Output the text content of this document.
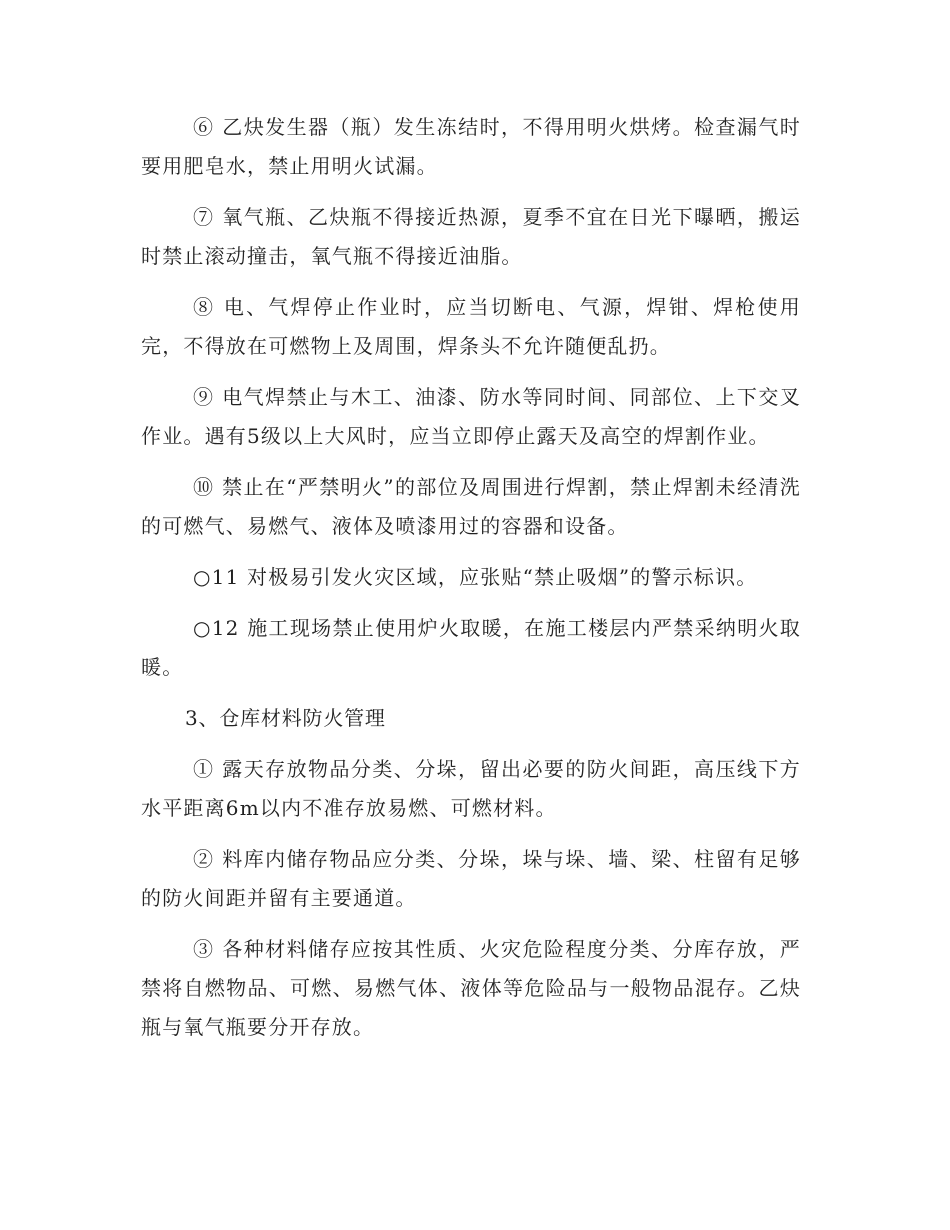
⑥ 乙炔发生器（瓶）发生冻结时，不得用明火烘烤。检查漏气时要用肥皂水，禁止用明火试漏。

⑦ 氧气瓶、乙炔瓶不得接近热源，夏季不宜在日光下曝晒，搬运时禁止滚动撞击，氧气瓶不得接近油脂。

⑧ 电、气焊停止作业时，应当切断电、气源，焊钳、焊枪使用完，不得放在可燃物上及周围，焊条头不允许随便乱扔。

⑨ 电气焊禁止与木工、油漆、防水等同时间、同部位、上下交叉作业。遇有5级以上大风时，应当立即停止露天及高空的焊割作业。

⑩ 禁止在“严禁明火”的部位及周围进行焊割，禁止焊割未经清洗的可燃气、易燃气、液体及喷漆用过的容器和设备。

○11 对极易引发火灾区域，应张贴“禁止吸烟”的警示标识。

○12 施工现场禁止使用炉火取暖，在施工楼层内严禁采纳明火取暖。

3、仓库材料防火管理

① 露天存放物品分类、分垛，留出必要的防火间距，高压线下方水平距离6m以内不准存放易燃、可燃材料。

② 料库内储存物品应分类、分垛，垛与垛、墙、梁、柱留有足够的防火间距并留有主要通道。

③ 各种材料储存应按其性质、火灾危险程度分类、分库存放，严禁将自燃物品、可燃、易燃气体、液体等危险品与一般物品混存。乙炔瓶与氧气瓶要分开存放。
